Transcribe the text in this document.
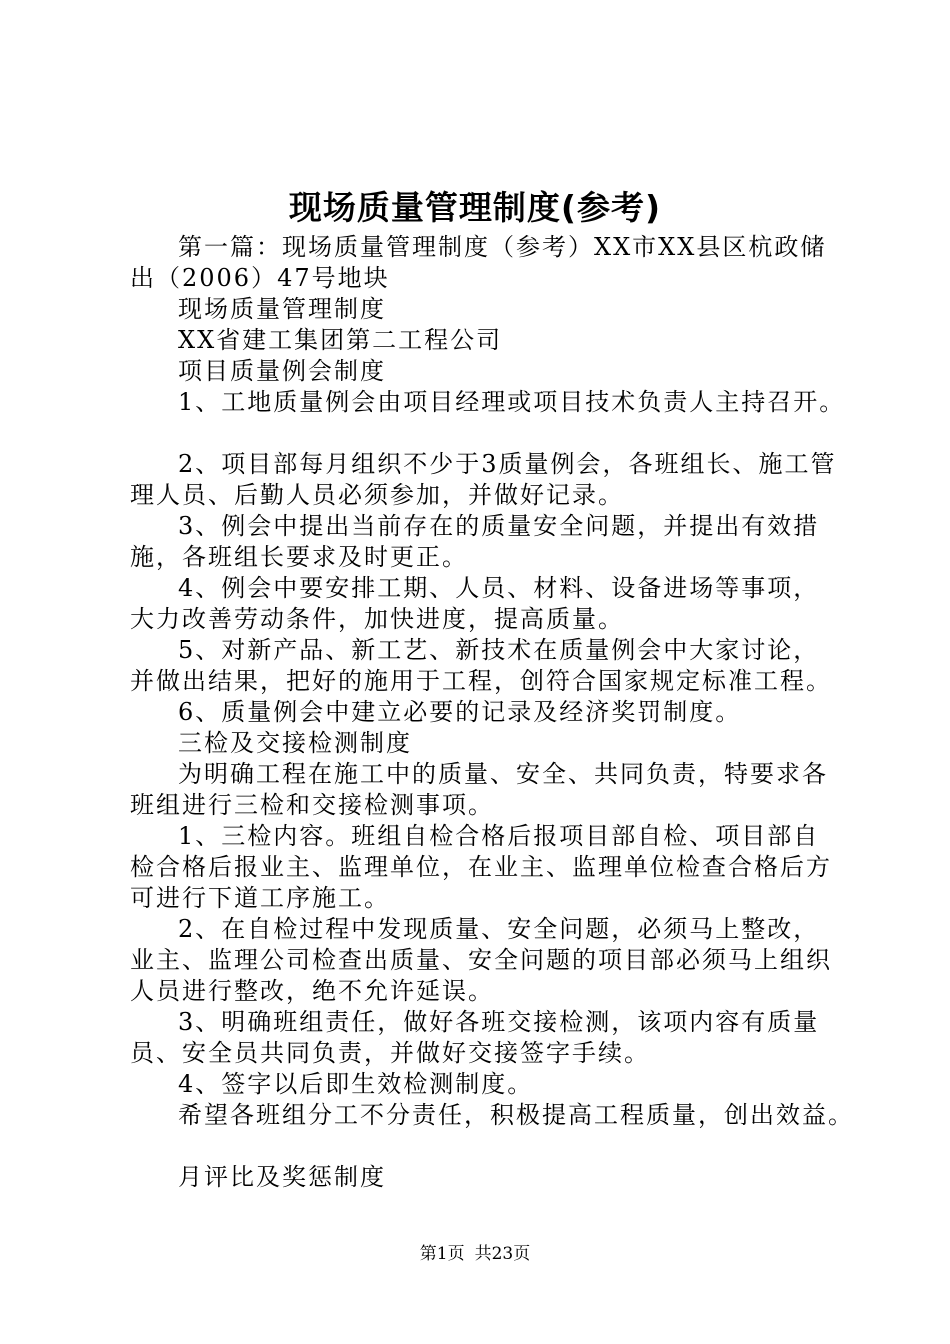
现场质量管理制度(参考)

第一篇：现场质量管理制度（参考）XX市XX县区杭政储出（2006）47号地块

现场质量管理制度

XX省建工集团第二工程公司

项目质量例会制度

1、工地质量例会由项目经理或项目技术负责人主持召开。

2、项目部每月组织不少于3质量例会，各班组长、施工管理人员、后勤人员必须参加，并做好记录。

3、例会中提出当前存在的质量安全问题，并提出有效措施，各班组长要求及时更正。

4、例会中要安排工期、人员、材料、设备进场等事项，大力改善劳动条件，加快进度，提高质量。

5、对新产品、新工艺、新技术在质量例会中大家讨论，并做出结果，把好的施用于工程，创符合国家规定标准工程。

6、质量例会中建立必要的记录及经济奖罚制度。

三检及交接检测制度

为明确工程在施工中的质量、安全、共同负责，特要求各班组进行三检和交接检测事项。

1、三检内容。班组自检合格后报项目部自检、项目部自检合格后报业主、监理单位，在业主、监理单位检查合格后方可进行下道工序施工。

2、在自检过程中发现质量、安全问题，必须马上整改，业主、监理公司检查出质量、安全问题的项目部必须马上组织人员进行整改，绝不允许延误。

3、明确班组责任，做好各班交接检测，该项内容有质量员、安全员共同负责，并做好交接签字手续。

4、签字以后即生效检测制度。

希望各班组分工不分责任，积极提高工程质量，创出效益。

月评比及奖惩制度

第1页 共23页
